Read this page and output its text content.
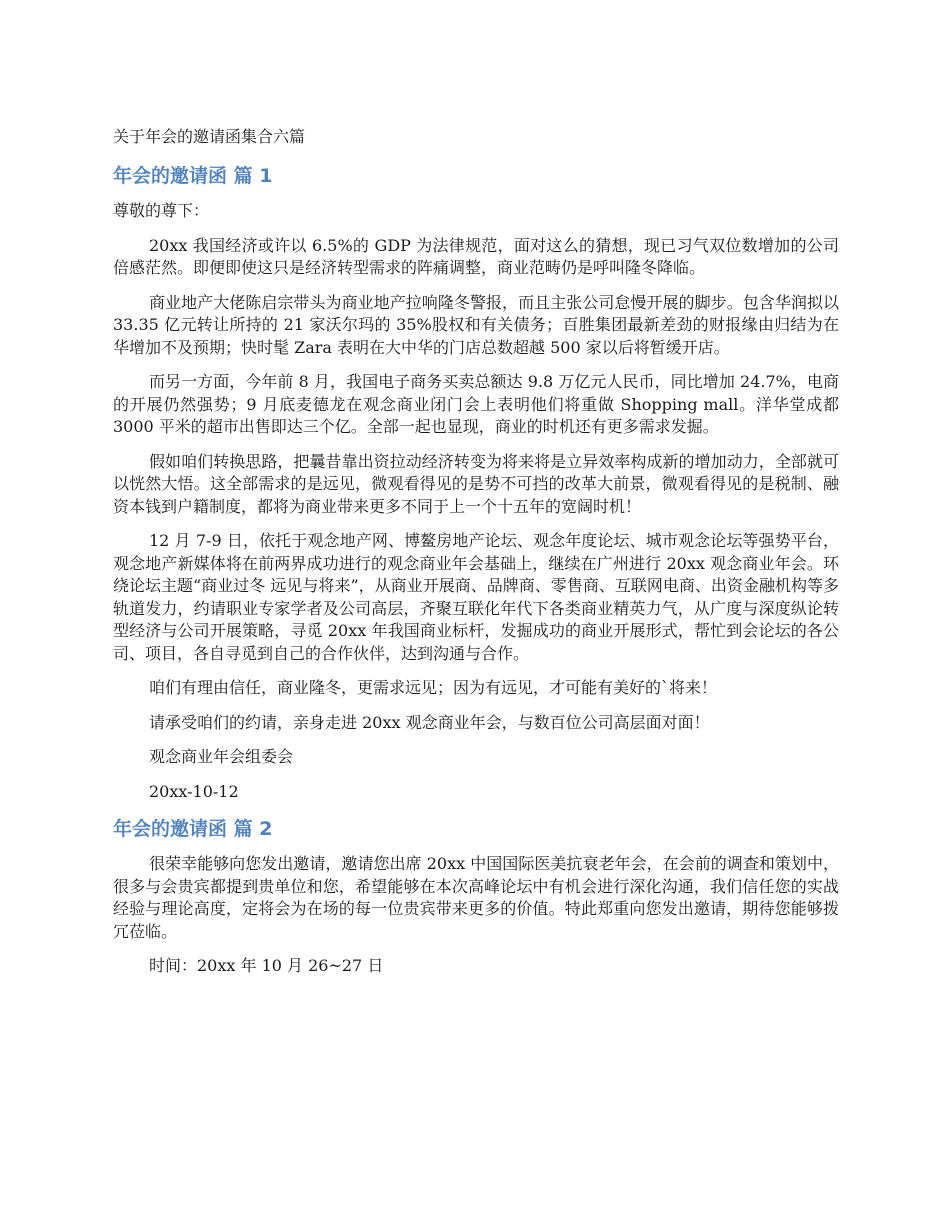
关于年会的邀请函集合六篇
年会的邀请函 篇 1

尊敬的尊下：

20xx 我国经济或许以 6.5%的 GDP 为法律规范，面对这么的猜想，现已习气双位数增加的公司倍感茫然。即便即使这只是经济转型需求的阵痛调整，商业范畴仍是呼叫隆冬降临。

商业地产大佬陈启宗带头为商业地产拉响隆冬警报，而且主张公司怠慢开展的脚步。包含华润拟以 33.35 亿元转让所持的 21 家沃尔玛的 35%股权和有关债务；百胜集团最新差劲的财报缘由归结为在华增加不及预期；快时髦 Zara 表明在大中华的门店总数超越 500 家以后将暂缓开店。

而另一方面，今年前 8 月，我国电子商务买卖总额达 9.8 万亿元人民币，同比增加 24.7%，电商的开展仍然强势；9 月底麦德龙在观念商业闭门会上表明他们将重做 Shopping mall。洋华堂成都 3000 平米的超市出售即达三个亿。全部一起也显现，商业的时机还有更多需求发掘。

假如咱们转换思路，把曩昔靠出资拉动经济转变为将来将是立异效率构成新的增加动力，全部就可以恍然大悟。这全部需求的是远见，微观看得见的是势不可挡的改革大前景，微观看得见的是税制、融资本钱到户籍制度，都将为商业带来更多不同于上一个十五年的宽阔时机！

12 月 7-9 日，依托于观念地产网、博鳌房地产论坛、观念年度论坛、城市观念论坛等强势平台，观念地产新媒体将在前两界成功进行的观念商业年会基础上，继续在广州进行 20xx 观念商业年会。环绕论坛主题“商业过冬 远见与将来”，从商业开展商、品牌商、零售商、互联网电商、出资金融机构等多轨道发力，约请职业专家学者及公司高层，齐聚互联化年代下各类商业精英力气，从广度与深度纵论转型经济与公司开展策略，寻觅 20xx 年我国商业标杆，发掘成功的商业开展形式，帮忙到会论坛的各公司、项目，各自寻觅到自己的合作伙伴，达到沟通与合作。

咱们有理由信任，商业隆冬，更需求远见；因为有远见，才可能有美好的`将来！

请承受咱们的约请，亲身走进 20xx 观念商业年会，与数百位公司高层面对面！

观念商业年会组委会

20xx-10-12

年会的邀请函 篇 2

很荣幸能够向您发出邀请，邀请您出席 20xx 中国国际医美抗衰老年会，在会前的调查和策划中，很多与会贵宾都提到贵单位和您，希望能够在本次高峰论坛中有机会进行深化沟通，我们信任您的实战经验与理论高度，定将会为在场的每一位贵宾带来更多的价值。特此郑重向您发出邀请，期待您能够拨冗莅临。

时间：20xx 年 10 月 26~27 日
